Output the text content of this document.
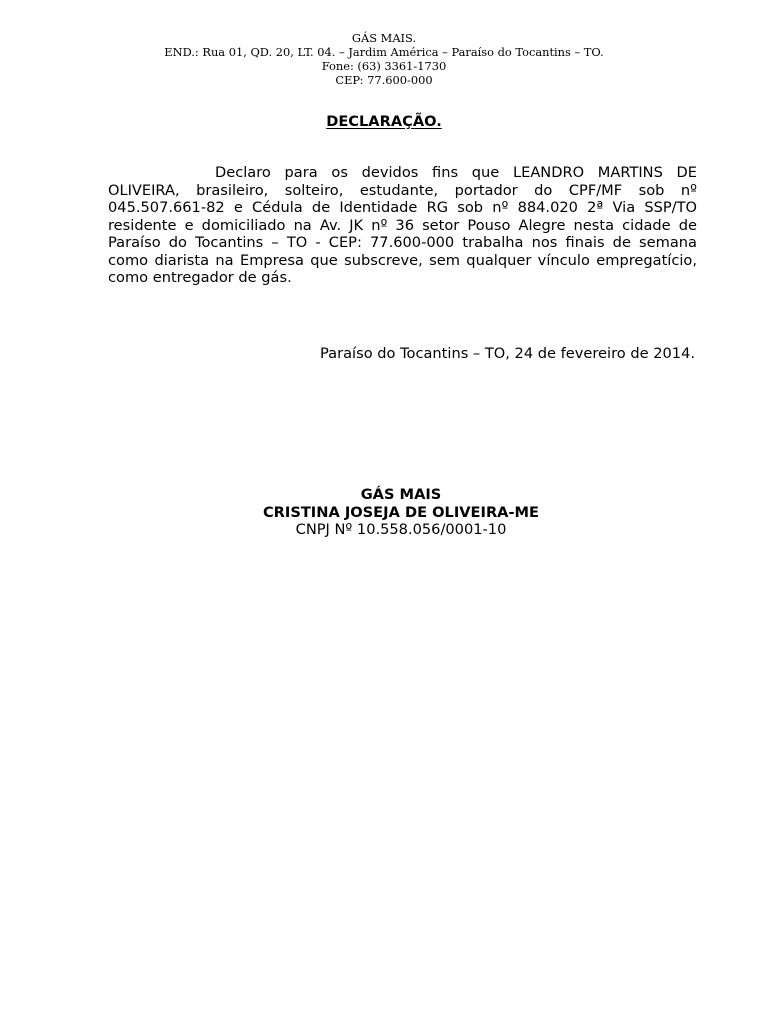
GÁS MAIS.
END.: Rua 01, QD. 20, LT. 04. – Jardim América – Paraíso do Tocantins – TO.
Fone: (63) 3361-1730
CEP: 77.600-000
DECLARAÇÃO.

Declaro para os devidos fins que LEANDRO MARTINS DE OLIVEIRA, brasileiro, solteiro, estudante, portador do CPF/MF sob nº 045.507.661-82 e Cédula de Identidade RG sob nº 884.020 2ª Via SSP/TO residente e domiciliado na Av. JK nº 36 setor Pouso Alegre nesta cidade de Paraíso do Tocantins – TO - CEP: 77.600-000 trabalha nos finais de semana como diarista na Empresa que subscreve, sem qualquer vínculo empregatício, como entregador de gás.

Paraíso do Tocantins – TO, 24 de fevereiro de 2014.
GÁS MAIS
CRISTINA JOSEJA DE OLIVEIRA-ME
CNPJ Nº 10.558.056/0001-10
